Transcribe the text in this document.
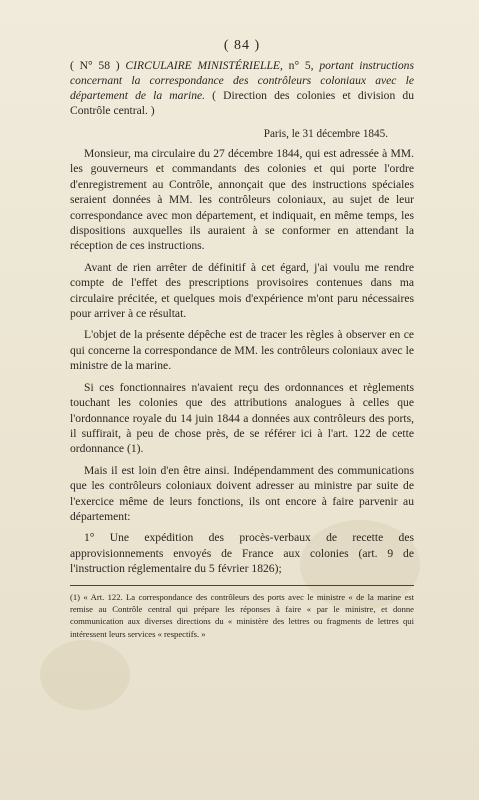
( 84 )
( N° 58 ) CIRCULAIRE MINISTÉRIELLE, n° 5, portant instructions concernant la correspondance des contrôleurs coloniaux avec le département de la marine. ( Direction des colonies et division du Contrôle central. )
Paris, le 31 décembre 1845.

Monsieur, ma circulaire du 27 décembre 1844, qui est adressée à MM. les gouverneurs et commandants des colonies et qui porte l'ordre d'enregistrement au Contrôle, annonçait que des instructions spéciales seraient données à MM. les contrôleurs coloniaux, au sujet de leur correspondance avec mon département, et indiquait, en même temps, les dispositions auxquelles ils auraient à se conformer en attendant la réception de ces instructions.

Avant de rien arrêter de définitif à cet égard, j'ai voulu me rendre compte de l'effet des prescriptions provisoires contenues dans ma circulaire précitée, et quelques mois d'expérience m'ont paru nécessaires pour arriver à ce résultat.

L'objet de la présente dépêche est de tracer les règles à observer en ce qui concerne la correspondance de MM. les contrôleurs coloniaux avec le ministre de la marine.

Si ces fonctionnaires n'avaient reçu des ordonnances et règlements touchant les colonies que des attributions analogues à celles que l'ordonnance royale du 14 juin 1844 a données aux contrôleurs des ports, il suffirait, à peu de chose près, de se référer ici à l'art. 122 de cette ordonnance (1).

Mais il est loin d'en être ainsi. Indépendamment des communications que les contrôleurs coloniaux doivent adresser au ministre par suite de l'exercice même de leurs fonctions, ils ont encore à faire parvenir au département:

1° Une expédition des procès-verbaux de recette des approvisionnements envoyés de France aux colonies (art. 9 de l'instruction réglementaire du 5 février 1826);

(1) « Art. 122. La correspondance des contrôleurs des ports avec le ministre « de la marine est remise au Contrôle central qui prépare les réponses à faire « par le ministre, et donne communication aux diverses directions du « ministère des lettres ou fragments de lettres qui intéressent leurs services « respectifs. »
